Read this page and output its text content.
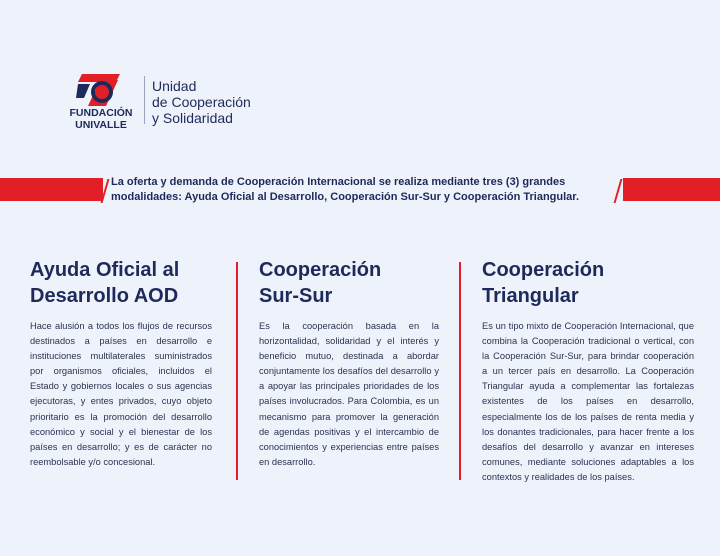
FUNDACIÓN
UNIVALLE
Unidad
de Cooperación
y Solidaridad
La oferta y demanda de Cooperación Internacional se realiza mediante tres (3) grandes
modalidades: Ayuda Oficial al Desarrollo, Cooperación Sur-Sur y Cooperación Triangular.
Ayuda Oficial al
Desarrollo AOD
Hace alusión a todos los flujos de recursos destinados a países en desarrollo e instituciones multilaterales suministrados por organismos oficiales, incluidos el Estado y gobiernos locales o sus agencias ejecutoras, y entes privados, cuyo objeto prioritario es la promoción del desarrollo económico y social y el bienestar de los países en desarrollo; y es de carácter no reembolsable y/o concesional.
Cooperación
Sur-Sur
Es la cooperación basada en la horizontalidad, solidaridad y el interés y beneficio mutuo, destinada a abordar conjuntamente los desafíos del desarrollo y a apoyar las principales prioridades de los países involucrados. Para Colombia, es un mecanismo para promover la generación de agendas positivas y el intercambio de conocimientos y experiencias entre países en desarrollo.
Cooperación
Triangular
Es un tipo mixto de Cooperación Internacional, que combina la Cooperación tradicional o vertical, con la Cooperación Sur-Sur, para brindar cooperación a un tercer país en desarrollo. La Cooperación Triangular ayuda a complementar las fortalezas existentes de los países en desarrollo, especialmente los de los países de renta media y los donantes tradicionales, para hacer frente a los desafíos del desarrollo y avanzar en intereses comunes, mediante soluciones adaptables a los contextos y realidades de los países.
